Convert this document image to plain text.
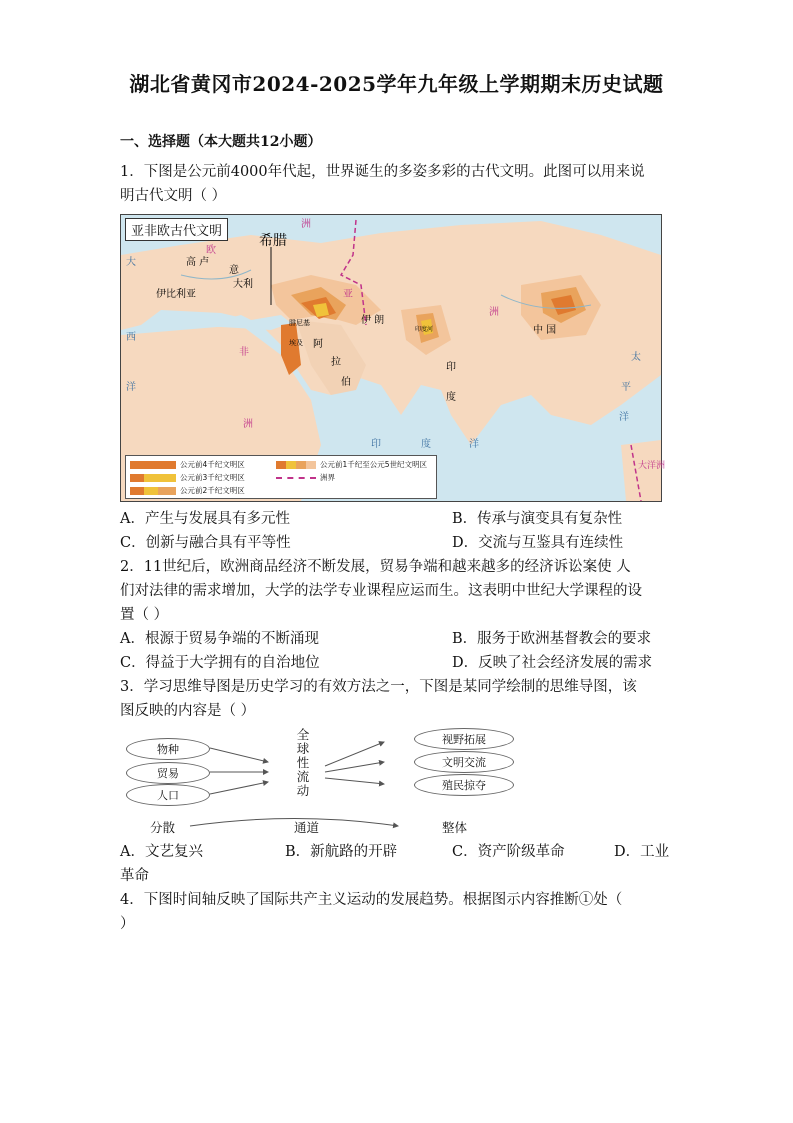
湖北省黄冈市2024-2025学年九年级上学期期末历史试题
一、选择题（本大题共12小题）
1．下图是公元前4000年代起，世界诞生的多姿多彩的古代文明。此图可以用来说
明古代文明（ ）
欧
洲
大	高 卢
意
大利
伊比利亚
希腊
亚
伊 朗
腓尼基
洲
中 国
阿
拉
伯
印
度
埃及
非
西
洋
太
平
洋
洲
印	度	洋
大洋洲
印度河
亚非欧古代文明
公元前4千纪文明区
公元前3千纪文明区
公元前2千纪文明区
公元前1千纪至公元5世纪文明区
洲界
A．产生与发展具有多元性	B．传承与演变具有复杂性
C．创新与融合具有平等性	D．交流与互鉴具有连续性
2．11世纪后，欧洲商品经济不断发展，贸易争端和越来越多的经济诉讼案使 人
们对法律的需求增加，大学的法学专业课程应运而生。这表明中世纪大学课程的设
置（ ）
A．根源于贸易争端的不断涌现	B．服务于欧洲基督教会的要求
C．得益于大学拥有的自治地位	D．反映了社会经济发展的需求
3．学习思维导图是历史学习的有效方法之一，下图是某同学绘制的思维导图，该
图反映的内容是（ ）
物种
贸易
人口
全
球
性
流
动
视野拓展
文明交流
殖民掠夺
分散	通道	整体
A．文艺复兴	B．新航路的开辟	C．资产阶级革命	D．工业
革命
4．下图时间轴反映了国际共产主义运动的发展趋势。根据图示内容推断①处（
）
